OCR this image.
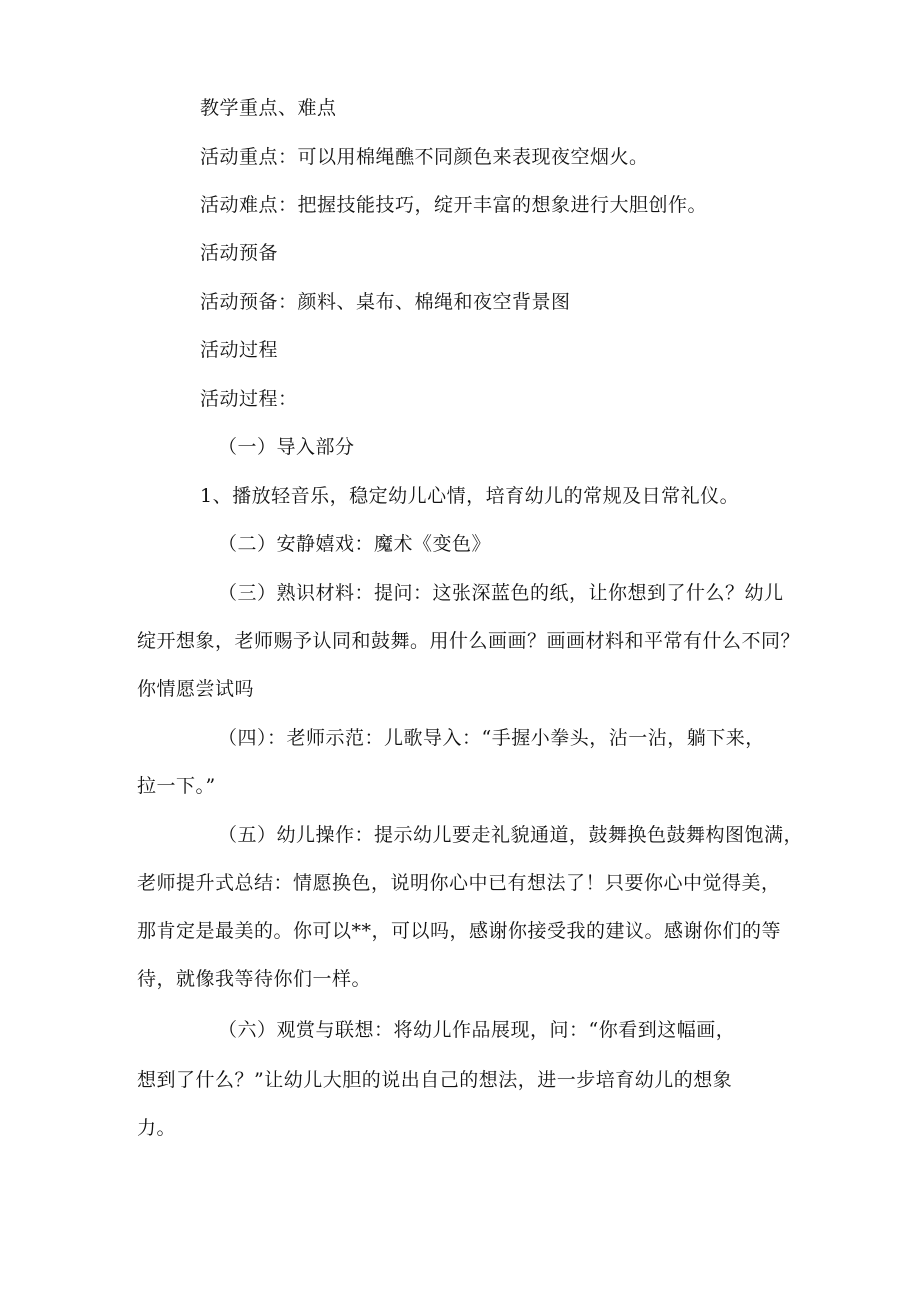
教学重点、难点
活动重点：可以用棉绳醮不同颜色来表现夜空烟火。
活动难点：把握技能技巧，绽开丰富的想象进行大胆创作。
活动预备
活动预备：颜料、桌布、棉绳和夜空背景图
活动过程
活动过程：
（一）导入部分
1、播放轻音乐，稳定幼儿心情，培育幼儿的常规及日常礼仪。
（二）安静嬉戏：魔术《变色》
（三）熟识材料：提问：这张深蓝色的纸，让你想到了什么？幼儿
绽开想象，老师赐予认同和鼓舞。用什么画画？画画材料和平常有什么不同？
你情愿尝试吗
（四）：老师示范：儿歌导入：“手握小拳头，沾一沾，躺下来，
拉一下。”
（五）幼儿操作：提示幼儿要走礼貌通道，鼓舞换色鼓舞构图饱满，
老师提升式总结：情愿换色，说明你心中已有想法了！只要你心中觉得美，
那肯定是最美的。你可以**，可以吗，感谢你接受我的建议。感谢你们的等
待，就像我等待你们一样。
（六）观赏与联想：将幼儿作品展现，问：“你看到这幅画，
想到了什么？”让幼儿大胆的说出自己的想法，进一步培育幼儿的想象
力。
